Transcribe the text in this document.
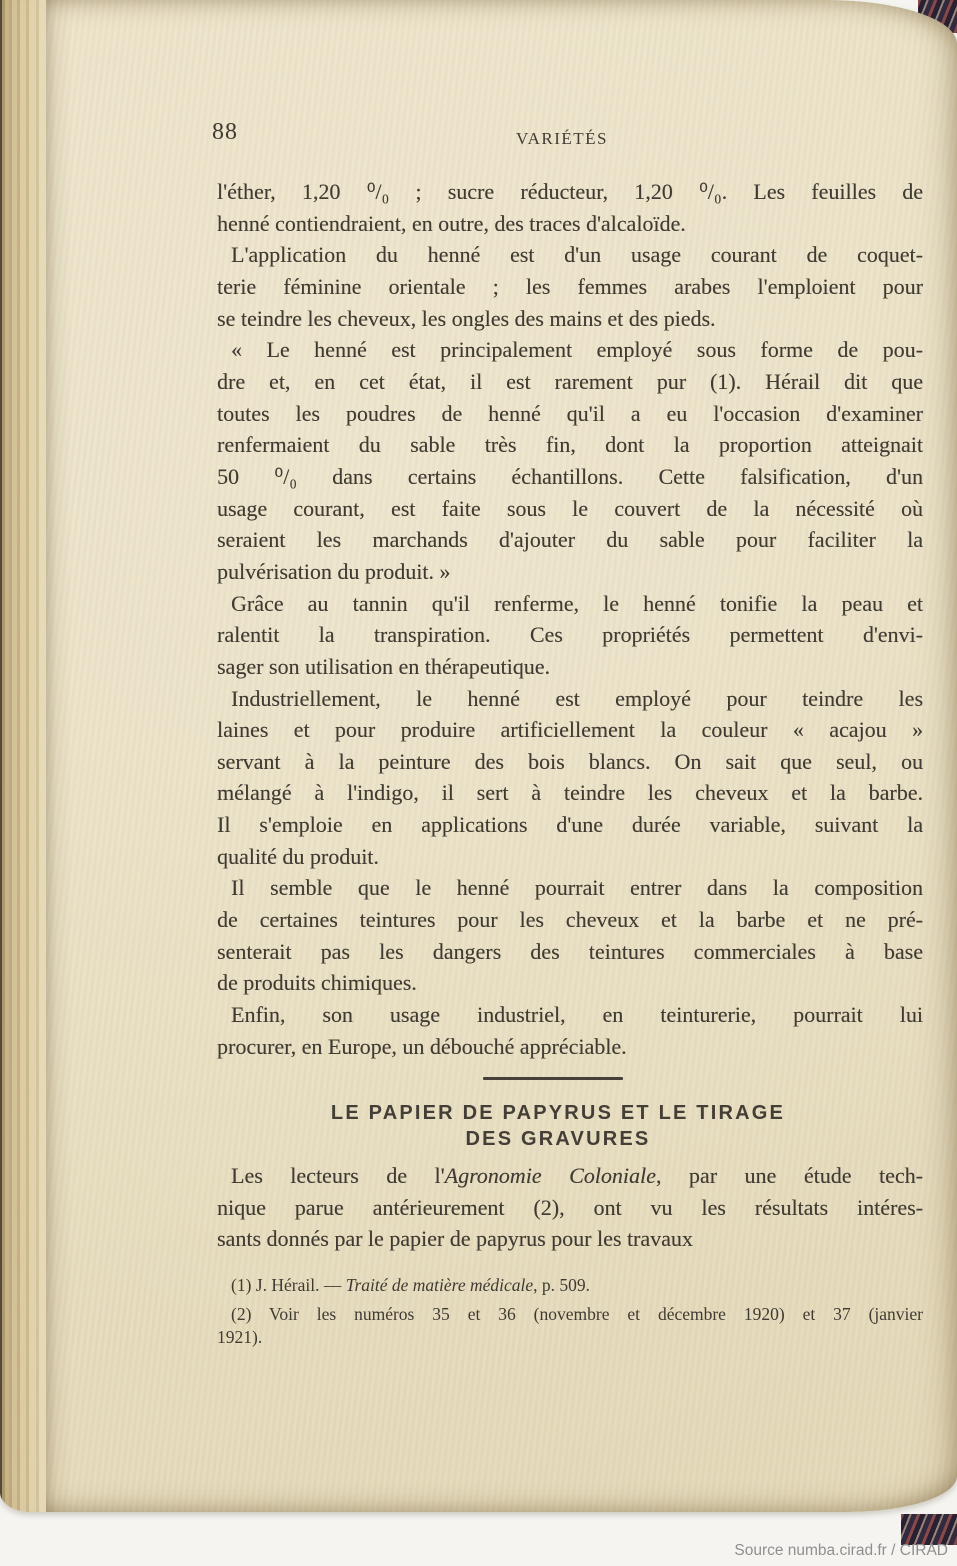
88	VARIÉTÉS
l'éther, 1,20 ⁰/₀ ; sucre réducteur, 1,20 ⁰/₀. Les feuilles de
henné contiendraient, en outre, des traces d'alcaloïde.
L'application du henné est d'un usage courant de coquet-
terie féminine orientale ; les femmes arabes l'emploient pour
se teindre les cheveux, les ongles des mains et des pieds.
« Le henné est principalement employé sous forme de pou-
dre et, en cet état, il est rarement pur (1). Hérail dit que
toutes les poudres de henné qu'il a eu l'occasion d'examiner
renfermaient du sable très fin, dont la proportion atteignait
50 ⁰/₀ dans certains échantillons. Cette falsification, d'un
usage courant, est faite sous le couvert de la nécessité où
seraient les marchands d'ajouter du sable pour faciliter la
pulvérisation du produit. »
Grâce au tannin qu'il renferme, le henné tonifie la peau et
ralentit la transpiration. Ces propriétés permettent d'envi-
sager son utilisation en thérapeutique.
Industriellement, le henné est employé pour teindre les
laines et pour produire artificiellement la couleur « acajou »
servant à la peinture des bois blancs. On sait que seul, ou
mélangé à l'indigo, il sert à teindre les cheveux et la barbe.
Il s'emploie en applications d'une durée variable, suivant la
qualité du produit.
Il semble que le henné pourrait entrer dans la composition
de certaines teintures pour les cheveux et la barbe et ne pré-
senterait pas les dangers des teintures commerciales à base
de produits chimiques.
Enfin, son usage industriel, en teinturerie, pourrait lui
procurer, en Europe, un débouché appréciable.
LE PAPIER DE PAPYRUS ET LE TIRAGE
DES GRAVURES
Les lecteurs de l'Agronomie Coloniale, par une étude tech-
nique parue antérieurement (2), ont vu les résultats intéres-
sants donnés par le papier de papyrus pour les travaux
(1) J. Hérail. — Traité de matière médicale, p. 509.
(2) Voir les numéros 35 et 36 (novembre et décembre 1920) et 37 (janvier
1921).
Source numba.cirad.fr / CIRAD
